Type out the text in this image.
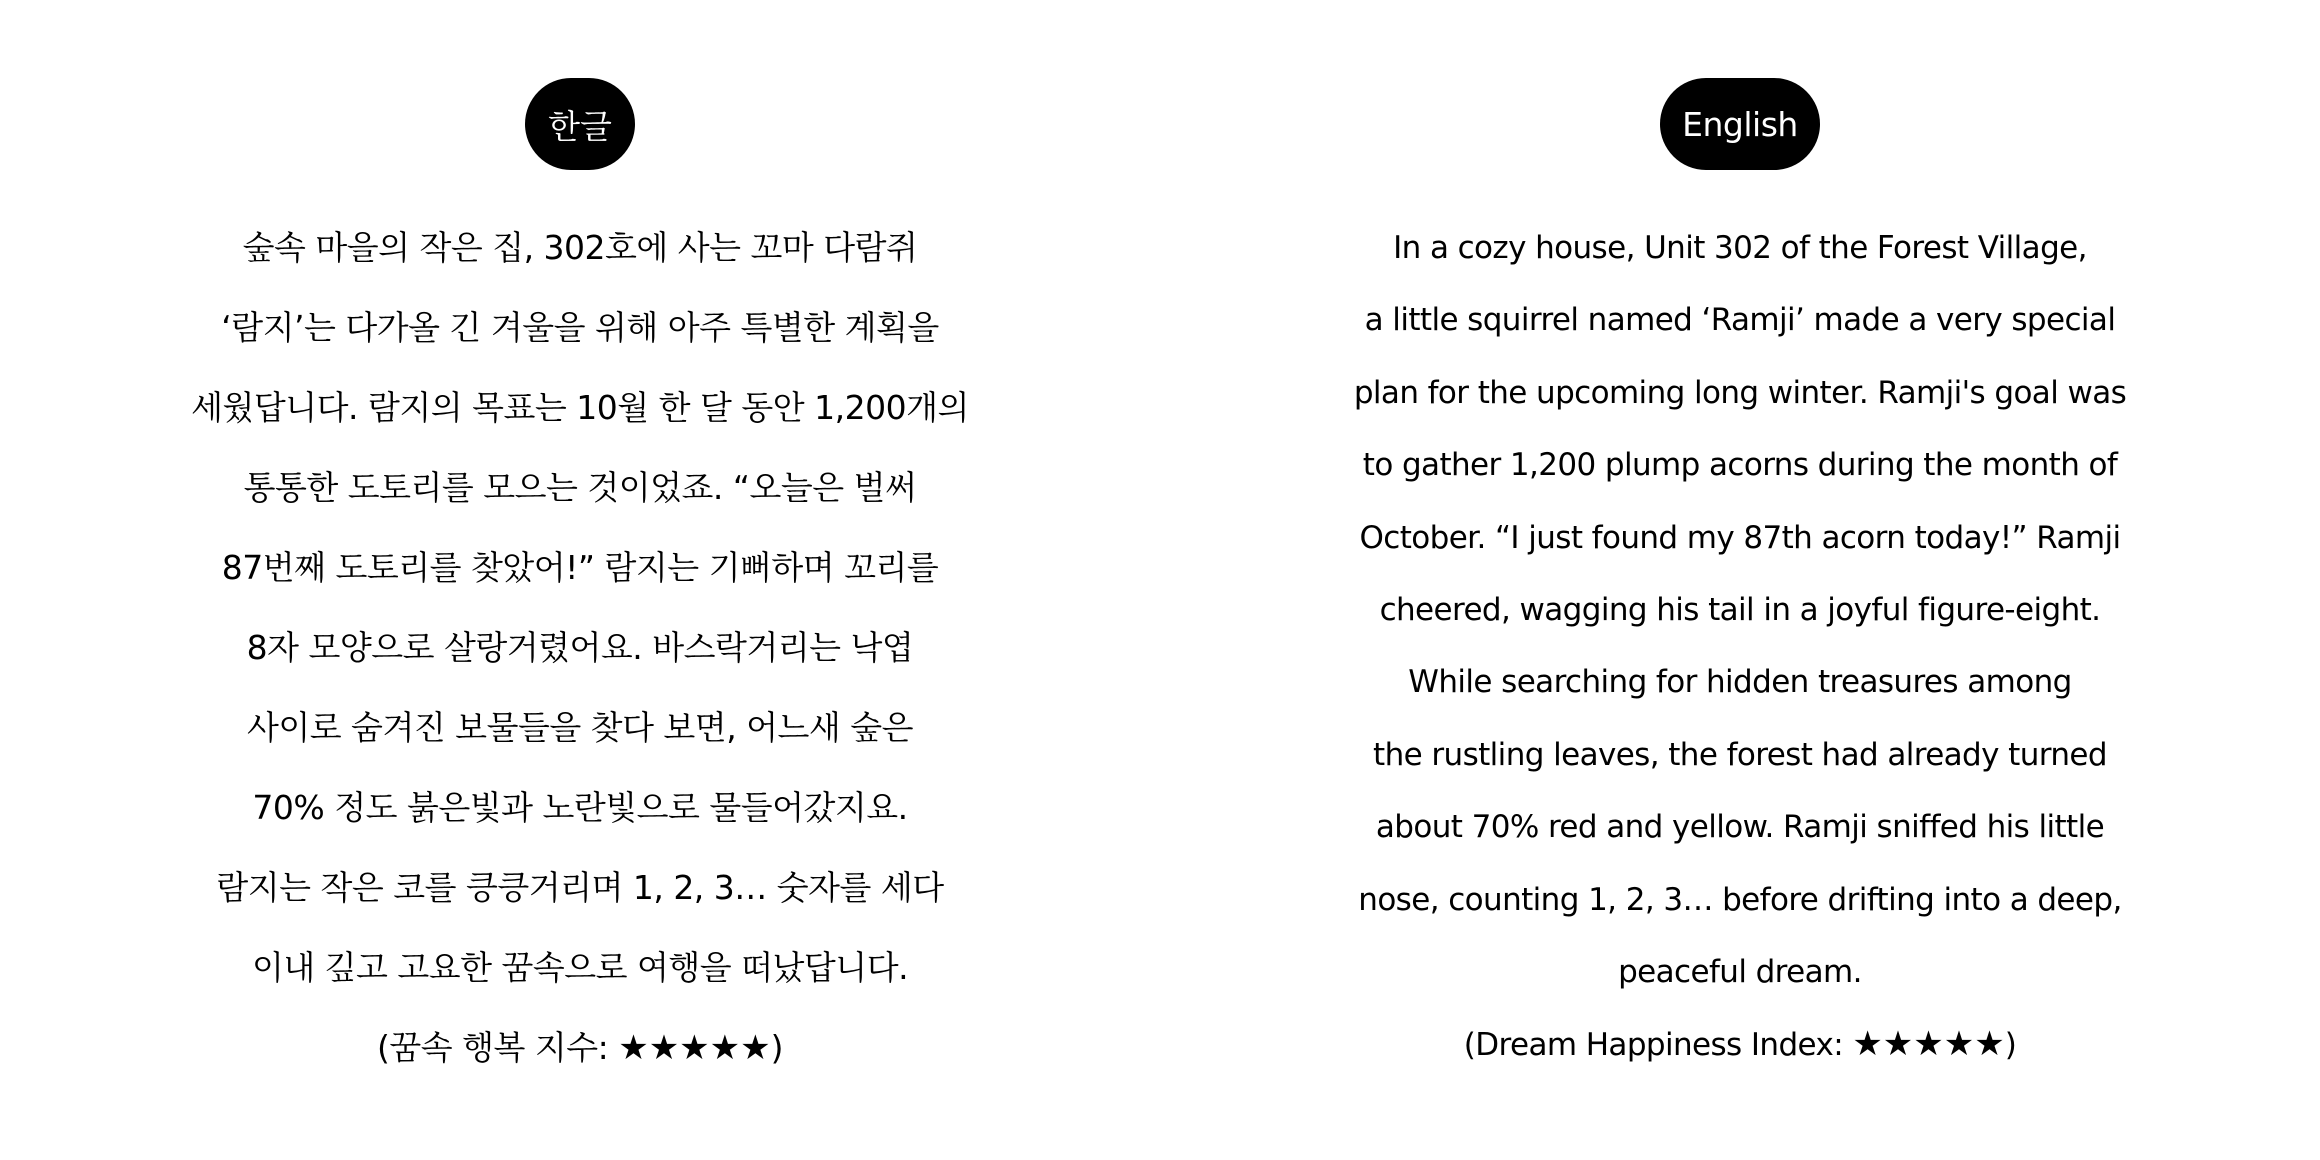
한글
숲속 마을의 작은 집, 302호에 사는 꼬마 다람쥐
‘람지’는 다가올 긴 겨울을 위해 아주 특별한 계획을
세웠답니다. 람지의 목표는 10월 한 달 동안 1,200개의
통통한 도토리를 모으는 것이었죠. “오늘은 벌써
87번째 도토리를 찾았어!” 람지는 기뻐하며 꼬리를
8자 모양으로 살랑거렸어요. 바스락거리는 낙엽
사이로 숨겨진 보물들을 찾다 보면, 어느새 숲은
70% 정도 붉은빛과 노란빛으로 물들어갔지요.
람지는 작은 코를 킁킁거리며 1, 2, 3… 숫자를 세다
이내 깊고 고요한 꿈속으로 여행을 떠났답니다.
(꿈속 행복 지수: ★★★★★)
English
In a cozy house, Unit 302 of the Forest Village,
a little squirrel named ‘Ramji’ made a very special
plan for the upcoming long winter. Ramji's goal was
to gather 1,200 plump acorns during the month of
October. “I just found my 87th acorn today!” Ramji
cheered, wagging his tail in a joyful figure-eight.
While searching for hidden treasures among
the rustling leaves, the forest had already turned
about 70% red and yellow. Ramji sniffed his little
nose, counting 1, 2, 3… before drifting into a deep,
peaceful dream.
(Dream Happiness Index: ★★★★★)
